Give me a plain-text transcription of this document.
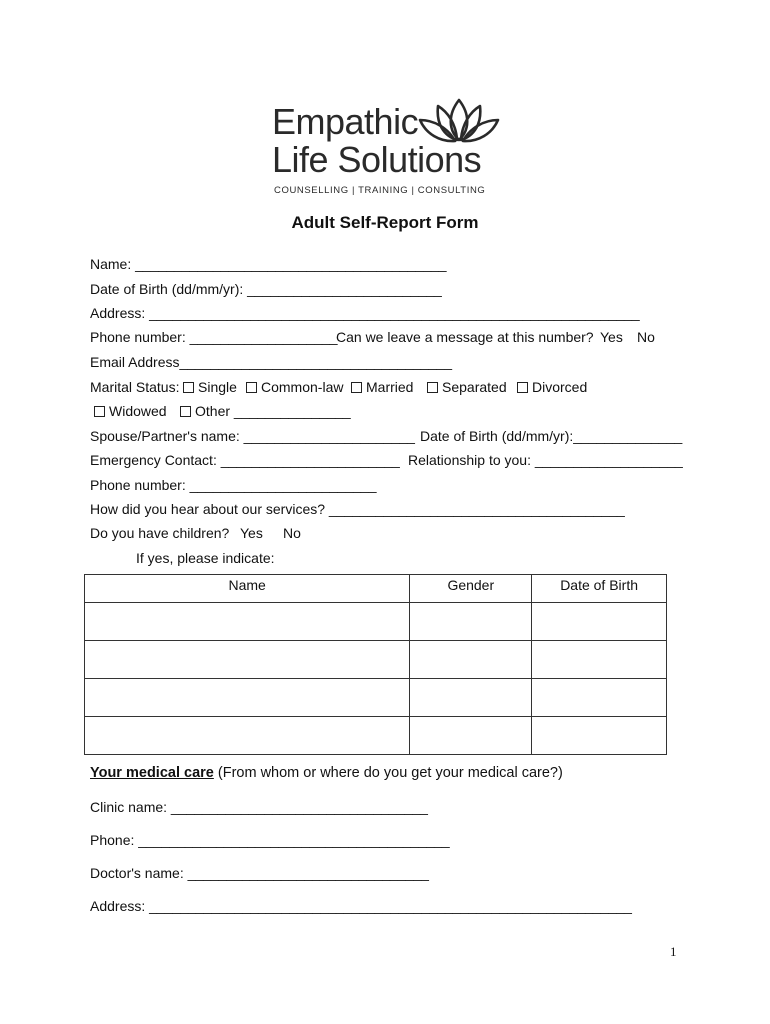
Empathic
Life Solutions
COUNSELLING | TRAINING | CONSULTING
Adult Self-Report Form
Name: ________________________________________
Date of Birth (dd/mm/yr): _________________________
Address: _______________________________________________________________
Phone number: ___________________
Can we leave a message at this number? Yes No
Email Address___________________________________
Marital Status:	Single	Common-law	Married	Separated	Divorced
Widowed	Other _______________
Spouse/Partner's name: ______________________ Date of Birth (dd/mm/yr):______________
Emergency Contact: _______________________ Relationship to you: ___________________
Phone number: ________________________
How did you hear about our services? ______________________________________
Do you have children? Yes No
If yes, please indicate:
Name	Gender	Date of Birth

Your medical care (From whom or where do you get your medical care?)
Clinic name: _________________________________
Phone: ________________________________________
Doctor's name: _______________________________
Address: ______________________________________________________________
1
